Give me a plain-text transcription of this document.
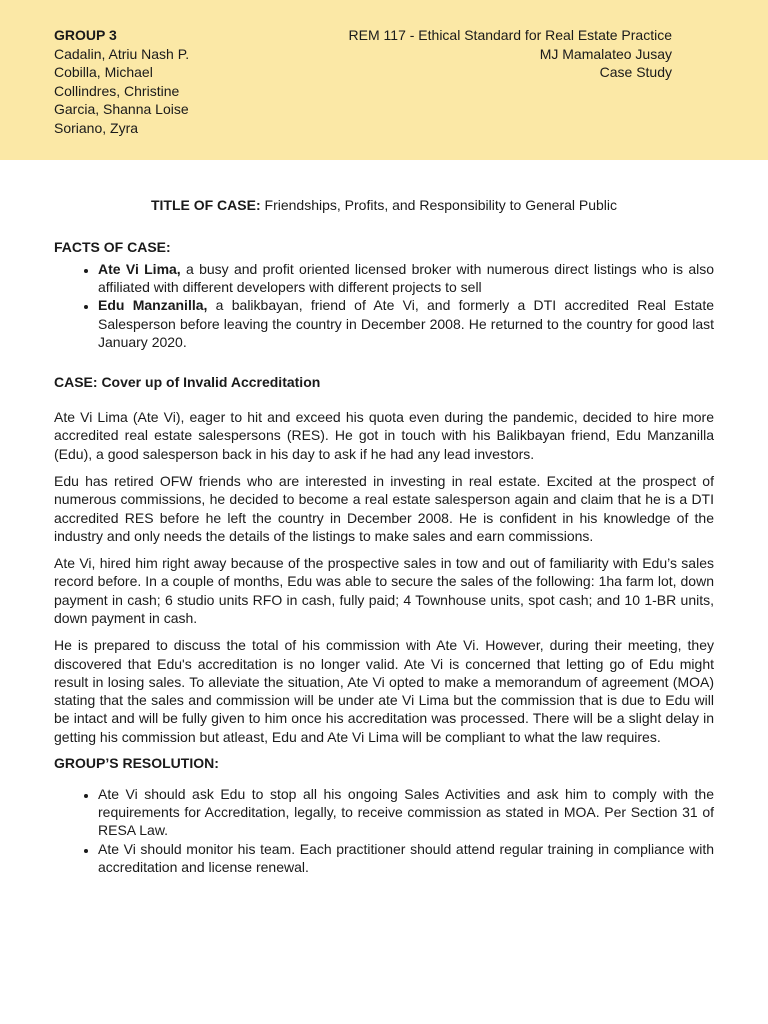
GROUP 3
Cadalin, Atriu Nash P.
Cobilla, Michael
Collindres, Christine
Garcia, Shanna Loise
Soriano, Zyra
REM 117 - Ethical Standard for Real Estate Practice
MJ Mamalateo Jusay
Case Study

TITLE OF CASE: Friendships, Profits, and Responsibility to General Public

FACTS OF CASE:

• Ate Vi Lima, a busy and profit oriented licensed broker with numerous direct listings who is also affiliated with different developers with different projects to sell
• Edu Manzanilla, a balikbayan, friend of Ate Vi, and formerly a DTI accredited Real Estate Salesperson before leaving the country in December 2008. He returned to the country for good last January 2020.

CASE: Cover up of Invalid Accreditation

Ate Vi Lima (Ate Vi), eager to hit and exceed his quota even during the pandemic, decided to hire more accredited real estate salespersons (RES). He got in touch with his Balikbayan friend, Edu Manzanilla (Edu), a good salesperson back in his day to ask if he had any lead investors.

Edu has retired OFW friends who are interested in investing in real estate. Excited at the prospect of numerous commissions, he decided to become a real estate salesperson again and claim that he is a DTI accredited RES before he left the country in December 2008. He is confident in his knowledge of the industry and only needs the details of the listings to make sales and earn commissions.

Ate Vi, hired him right away because of the prospective sales in tow and out of familiarity with Edu’s sales record before. In a couple of months, Edu was able to secure the sales of the following: 1ha farm lot, down payment in cash; 6 studio units RFO in cash, fully paid; 4 Townhouse units, spot cash; and 10 1-BR units, down payment in cash.

He is prepared to discuss the total of his commission with Ate Vi. However, during their meeting, they discovered that Edu's accreditation is no longer valid. Ate Vi is concerned that letting go of Edu might result in losing sales. To alleviate the situation, Ate Vi opted to make a memorandum of agreement (MOA) stating that the sales and commission will be under ate Vi Lima but the commission that is due to Edu will be intact and will be fully given to him once his accreditation was processed. There will be a slight delay in getting his commission but atleast, Edu and Ate Vi Lima will be compliant to what the law requires.

GROUP’S RESOLUTION:

• Ate Vi should ask Edu to stop all his ongoing Sales Activities and ask him to comply with the requirements for Accreditation, legally, to receive commission as stated in MOA. Per Section 31 of RESA Law.
• Ate Vi should monitor his team. Each practitioner should attend regular training in compliance with accreditation and license renewal.
